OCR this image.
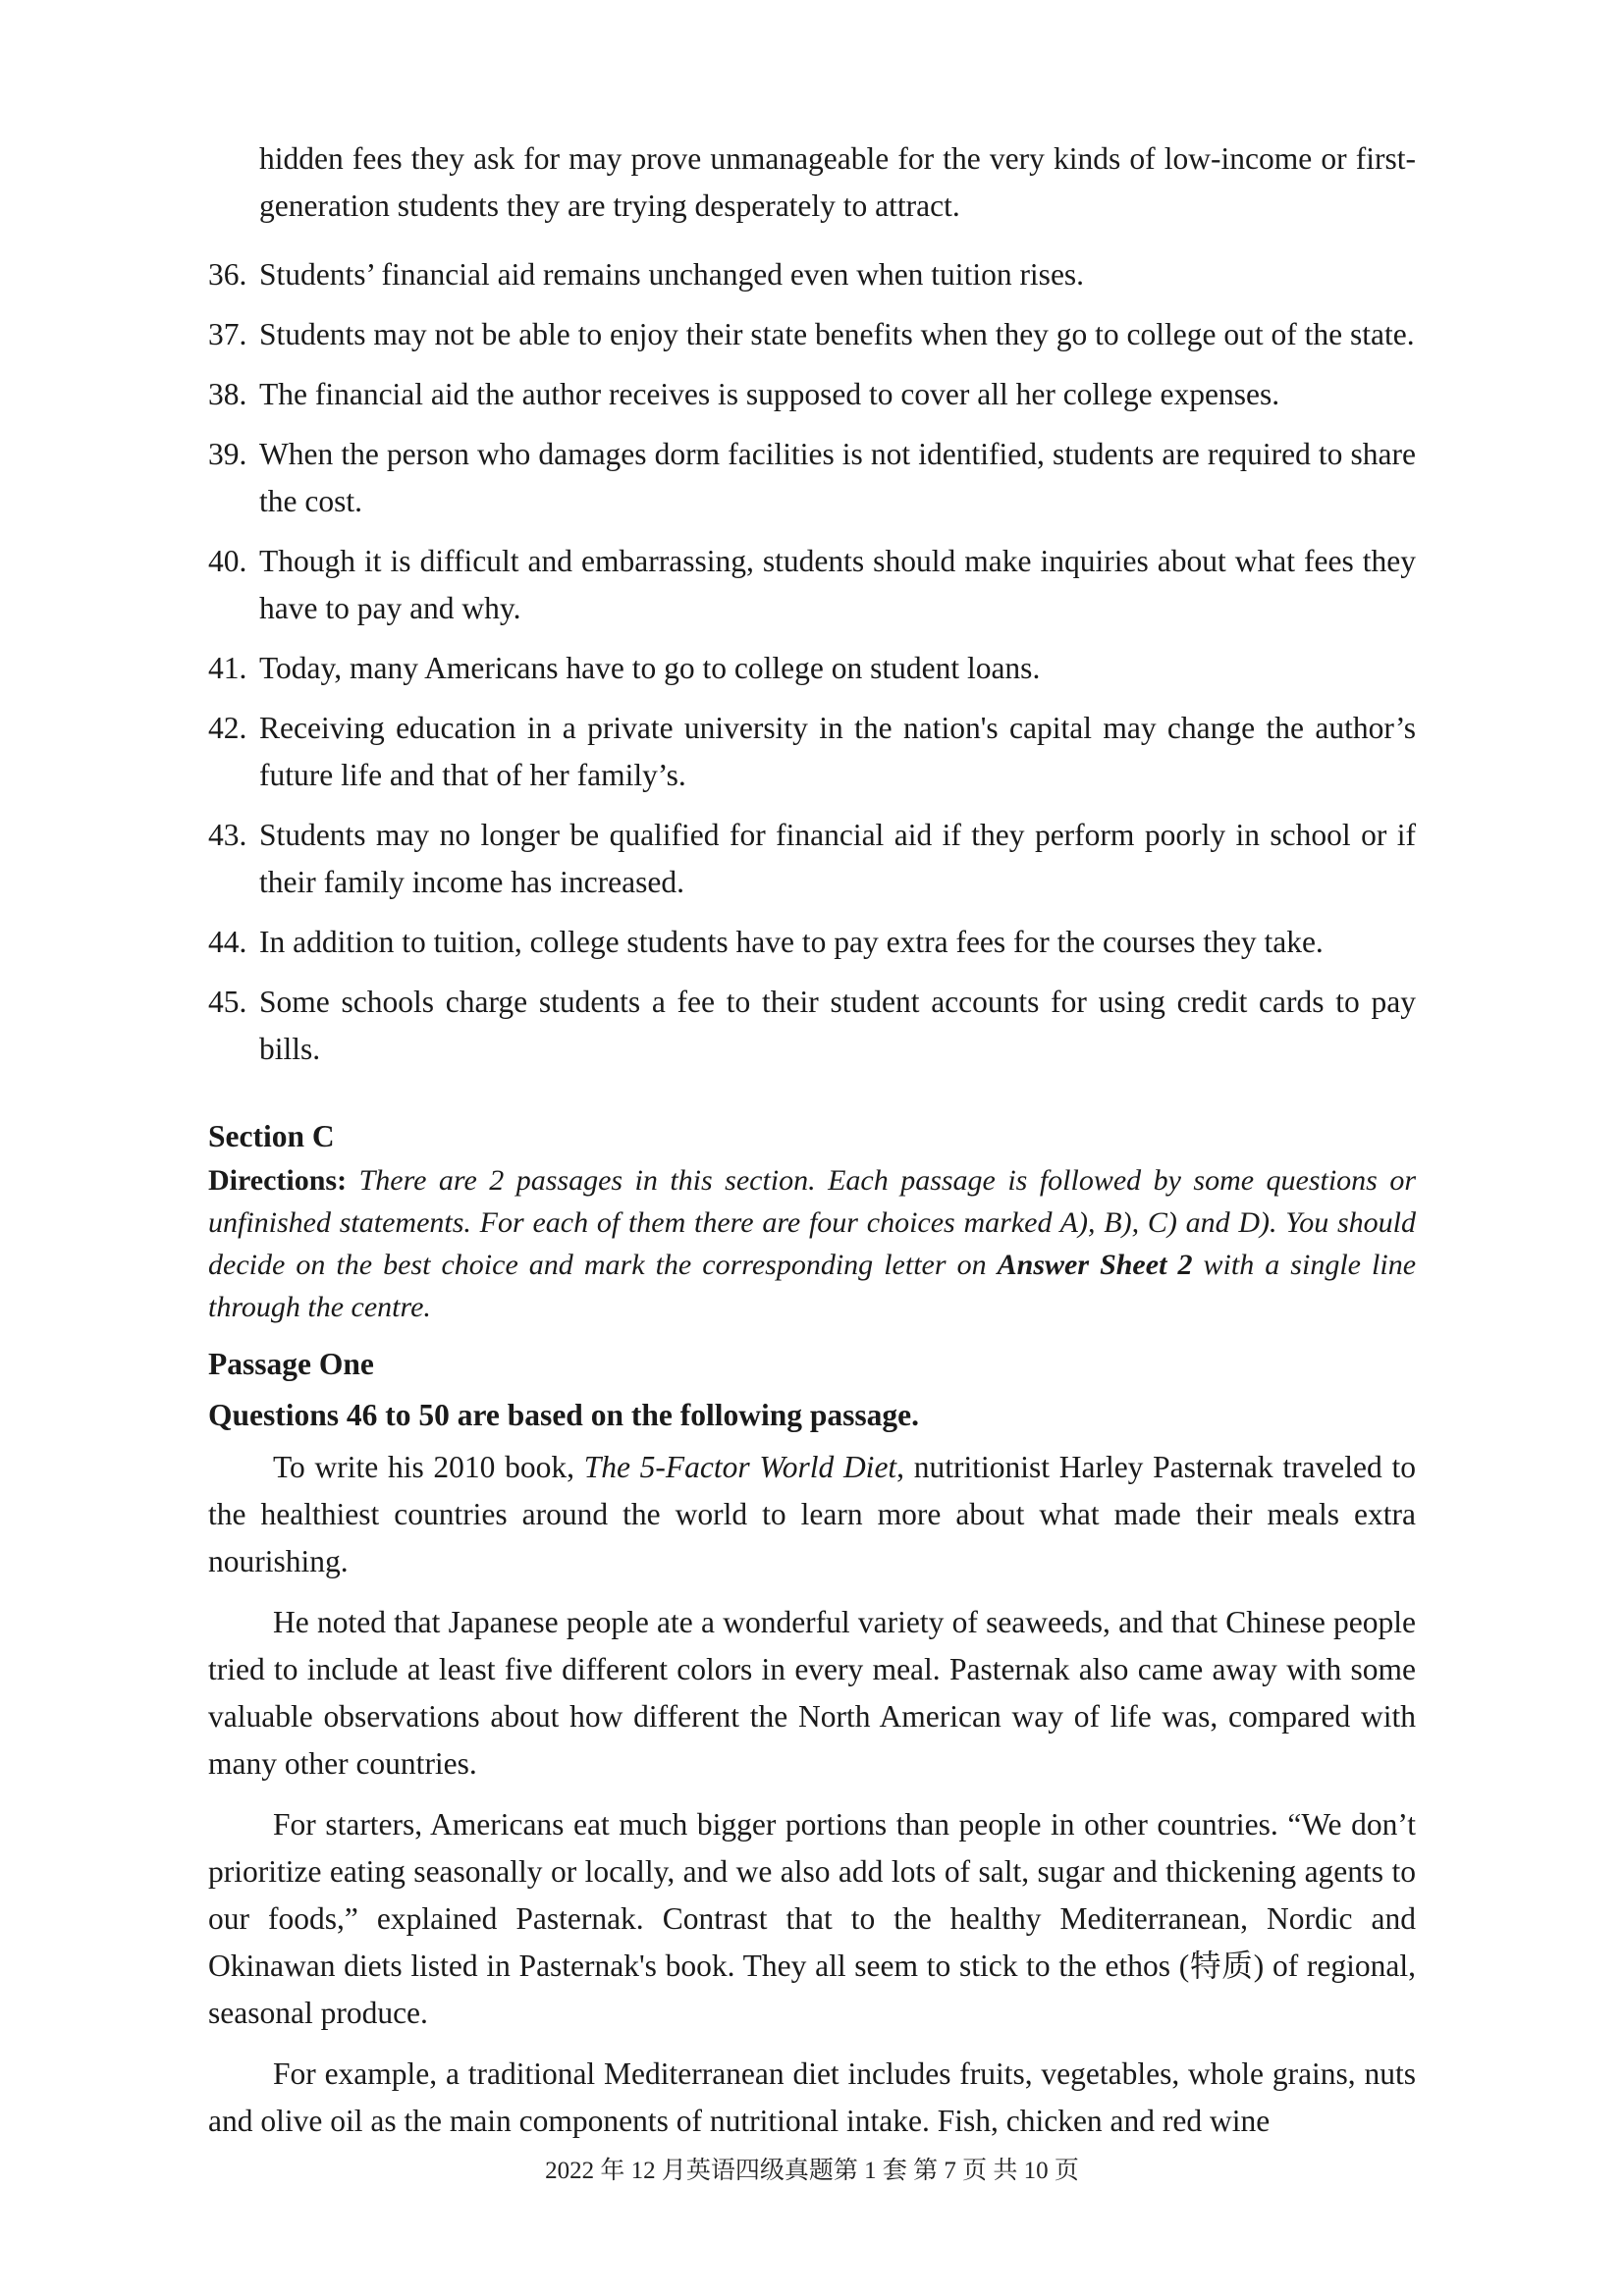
hidden fees they ask for may prove unmanageable for the very kinds of low-income or first-generation students they are trying desperately to attract.

36. Students’ financial aid remains unchanged even when tuition rises.

37. Students may not be able to enjoy their state benefits when they go to college out of the state.

38. The financial aid the author receives is supposed to cover all her college expenses.

39. When the person who damages dorm facilities is not identified, students are required to share the cost.

40. Though it is difficult and embarrassing, students should make inquiries about what fees they have to pay and why.

41. Today, many Americans have to go to college on student loans.

42. Receiving education in a private university in the nation's capital may change the author’s future life and that of her family’s.

43. Students may no longer be qualified for financial aid if they perform poorly in school or if their family income has increased.

44. In addition to tuition, college students have to pay extra fees for the courses they take.

45. Some schools charge students a fee to their student accounts for using credit cards to pay bills.

Section C

Directions: There are 2 passages in this section. Each passage is followed by some questions or unfinished statements. For each of them there are four choices marked A), B), C) and D). You should decide on the best choice and mark the corresponding letter on Answer Sheet 2 with a single line through the centre.

Passage One

Questions 46 to 50 are based on the following passage.

To write his 2010 book, The 5-Factor World Diet, nutritionist Harley Pasternak traveled to the healthiest countries around the world to learn more about what made their meals extra nourishing.

He noted that Japanese people ate a wonderful variety of seaweeds, and that Chinese people tried to include at least five different colors in every meal. Pasternak also came away with some valuable observations about how different the North American way of life was, compared with many other countries.

For starters, Americans eat much bigger portions than people in other countries. “We don’t prioritize eating seasonally or locally, and we also add lots of salt, sugar and thickening agents to our foods,” explained Pasternak. Contrast that to the healthy Mediterranean, Nordic and Okinawan diets listed in Pasternak's book. They all seem to stick to the ethos (特质) of regional, seasonal produce.

For example, a traditional Mediterranean diet includes fruits, vegetables, whole grains, nuts and olive oil as the main components of nutritional intake. Fish, chicken and red wine

2022 年 12 月英语四级真题第 1 套 第 7 页 共 10 页
